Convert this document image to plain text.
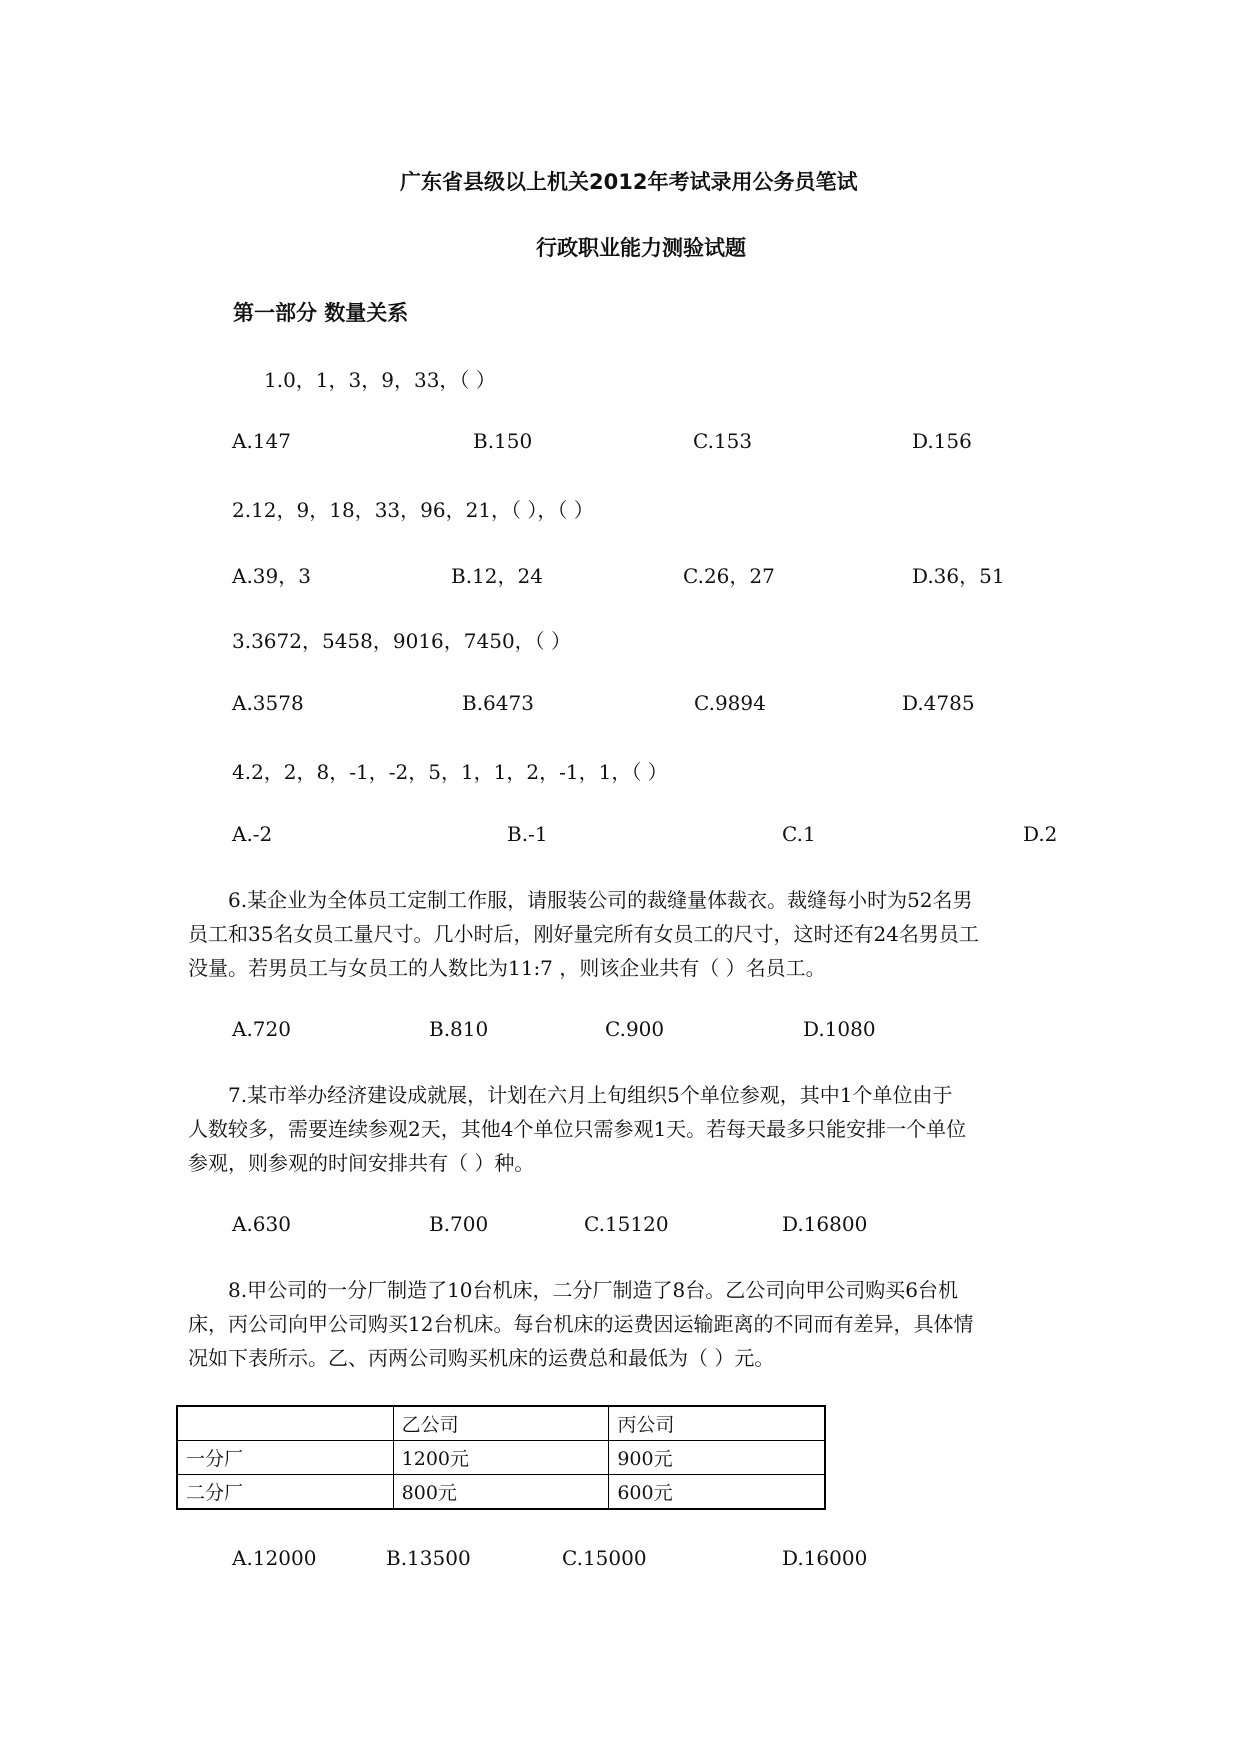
广东省县级以上机关2012年考试录用公务员笔试
行政职业能力测验试题
第一部分 数量关系
1.0，1，3，9，33，（ ）
A.147	B.150	C.153	D.156
2.12，9，18，33，96，21，（ ），（ ）
A.39，3	B.12，24	C.26，27	D.36，51
3.3672，5458，9016，7450，（ ）
A.3578	B.6473	C.9894	D.4785
4.2，2，8，-1，-2，5，1，1，2，-1，1，（ ）
A.-2	B.-1	C.1	D.2
6.某企业为全体员工定制工作服，请服装公司的裁缝量体裁衣。裁缝每小时为52名男
员工和35名女员工量尺寸。几小时后，刚好量完所有女员工的尺寸，这时还有24名男员工
没量。若男员工与女员工的人数比为11:7 ，则该企业共有（ ）名员工。
A.720	B.810	C.900	D.1080
7.某市举办经济建设成就展，计划在六月上旬组织5个单位参观，其中1个单位由于
人数较多，需要连续参观2天，其他4个单位只需参观1天。若每天最多只能安排一个单位
参观，则参观的时间安排共有（ ）种。
A.630	B.700	C.15120	D.16800
8.甲公司的一分厂制造了10台机床，二分厂制造了8台。乙公司向甲公司购买6台机
床，丙公司向甲公司购买12台机床。每台机床的运费因运输距离的不同而有差异，具体情
况如下表所示。乙、丙两公司购买机床的运费总和最低为（ ）元。
	乙公司	丙公司
一分厂	1200元	900元
二分厂	800元	600元
A.12000	B.13500	C.15000	D.16000
